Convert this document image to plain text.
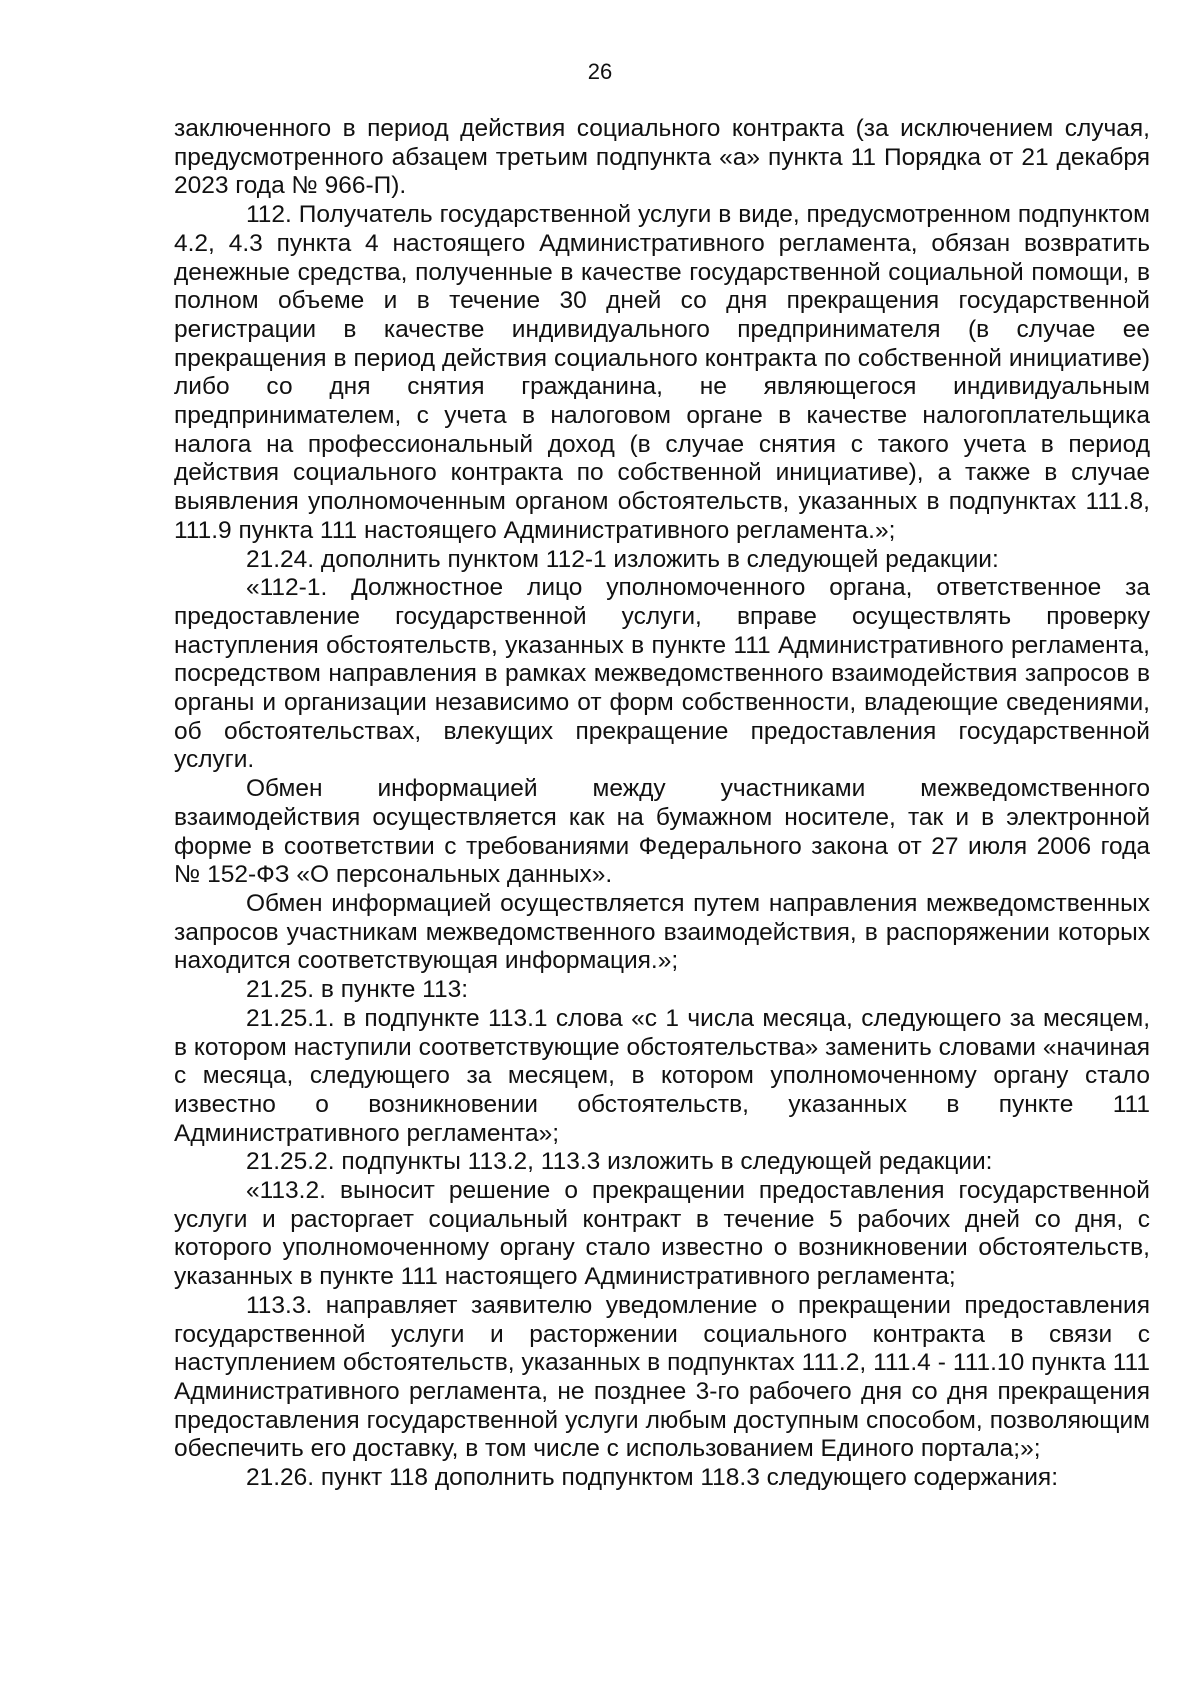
26

заключенного в период действия социального контракта (за исключением случая, предусмотренного абзацем третьим подпункта «а» пункта 11 Порядка от 21 декабря 2023 года № 966-П).

112. Получатель государственной услуги в виде, предусмотренном подпунктом 4.2, 4.3 пункта 4 настоящего Административного регламента, обязан возвратить денежные средства, полученные в качестве государственной социальной помощи, в полном объеме и в течение 30 дней со дня прекращения государственной регистрации в качестве индивидуального предпринимателя (в случае ее прекращения в период действия социального контракта по собственной инициативе) либо со дня снятия гражданина, не являющегося индивидуальным предпринимателем, с учета в налоговом органе в качестве налогоплательщика налога на профессиональный доход (в случае снятия с такого учета в период действия социального контракта по собственной инициативе), а также в случае выявления уполномоченным органом обстоятельств, указанных в подпунктах 111.8, 111.9 пункта 111 настоящего Административного регламента.»;

21.24. дополнить пунктом 112-1 изложить в следующей редакции:

«112-1. Должностное лицо уполномоченного органа, ответственное за предоставление государственной услуги, вправе осуществлять проверку наступления обстоятельств, указанных в пункте 111 Административного регламента, посредством направления в рамках межведомственного взаимодействия запросов в органы и организации независимо от форм собственности, владеющие сведениями, об обстоятельствах, влекущих прекращение предоставления государственной услуги.

Обмен информацией между участниками межведомственного взаимодействия осуществляется как на бумажном носителе, так и в электронной форме в соответствии с требованиями Федерального закона от 27 июля 2006 года № 152-ФЗ «О персональных данных».

Обмен информацией осуществляется путем направления межведомственных запросов участникам межведомственного взаимодействия, в распоряжении которых находится соответствующая информация.»;

21.25. в пункте 113:

21.25.1. в подпункте 113.1 слова «с 1 числа месяца, следующего за месяцем, в котором наступили соответствующие обстоятельства» заменить словами «начиная с месяца, следующего за месяцем, в котором уполномоченному органу стало известно о возникновении обстоятельств, указанных в пункте 111 Административного регламента»;

21.25.2. подпункты 113.2, 113.3 изложить в следующей редакции:

«113.2. выносит решение о прекращении предоставления государственной услуги и расторгает социальный контракт в течение 5 рабочих дней со дня, с которого уполномоченному органу стало известно о возникновении обстоятельств, указанных в пункте 111 настоящего Административного регламента;

113.3. направляет заявителю уведомление о прекращении предоставления государственной услуги и расторжении социального контракта в связи с наступлением обстоятельств, указанных в подпунктах 111.2, 111.4 - 111.10 пункта 111 Административного регламента, не позднее 3-го рабочего дня со дня прекращения предоставления государственной услуги любым доступным способом, позволяющим обеспечить его доставку, в том числе с использованием Единого портала;»;

21.26. пункт 118 дополнить подпунктом 118.3 следующего содержания:
